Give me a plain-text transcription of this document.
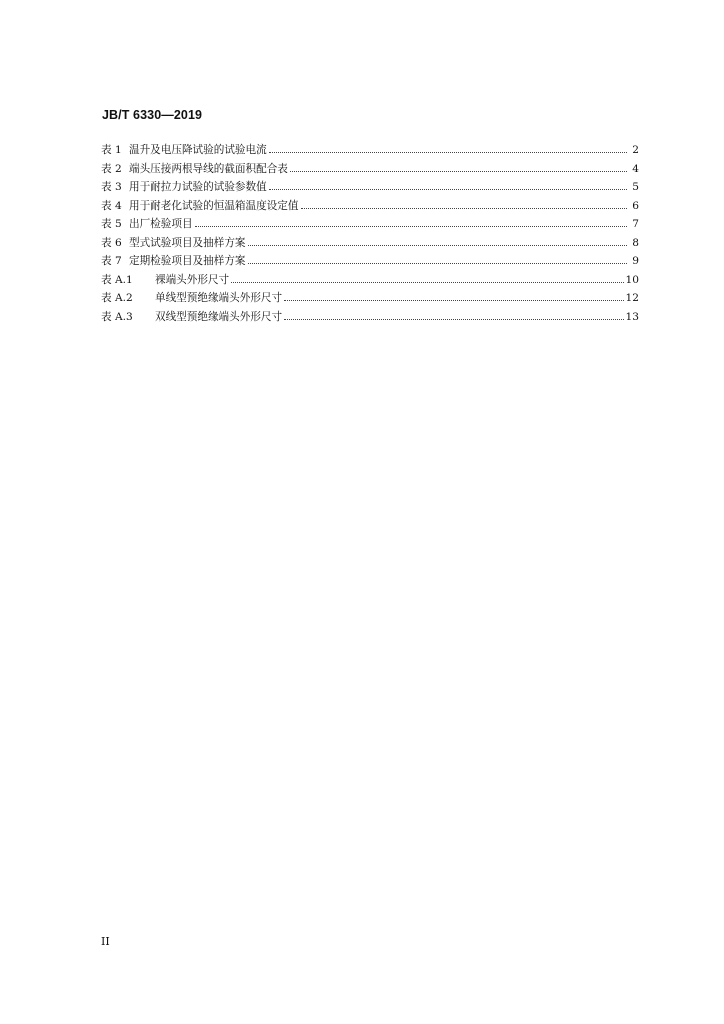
JB/T 6330—2019
表 1 温升及电压降试验的试验电流	2
表 2 端头压接两根导线的截面积配合表	4
表 3 用于耐拉力试验的试验参数值	5
表 4 用于耐老化试验的恒温箱温度设定值	6
表 5 出厂检验项目	7
表 6 型式试验项目及抽样方案	8
表 7 定期检验项目及抽样方案	9
表 A.1	裸端头外形尺寸	10
表 A.2	单线型预绝缘端头外形尺寸	12
表 A.3	双线型预绝缘端头外形尺寸	13
II
